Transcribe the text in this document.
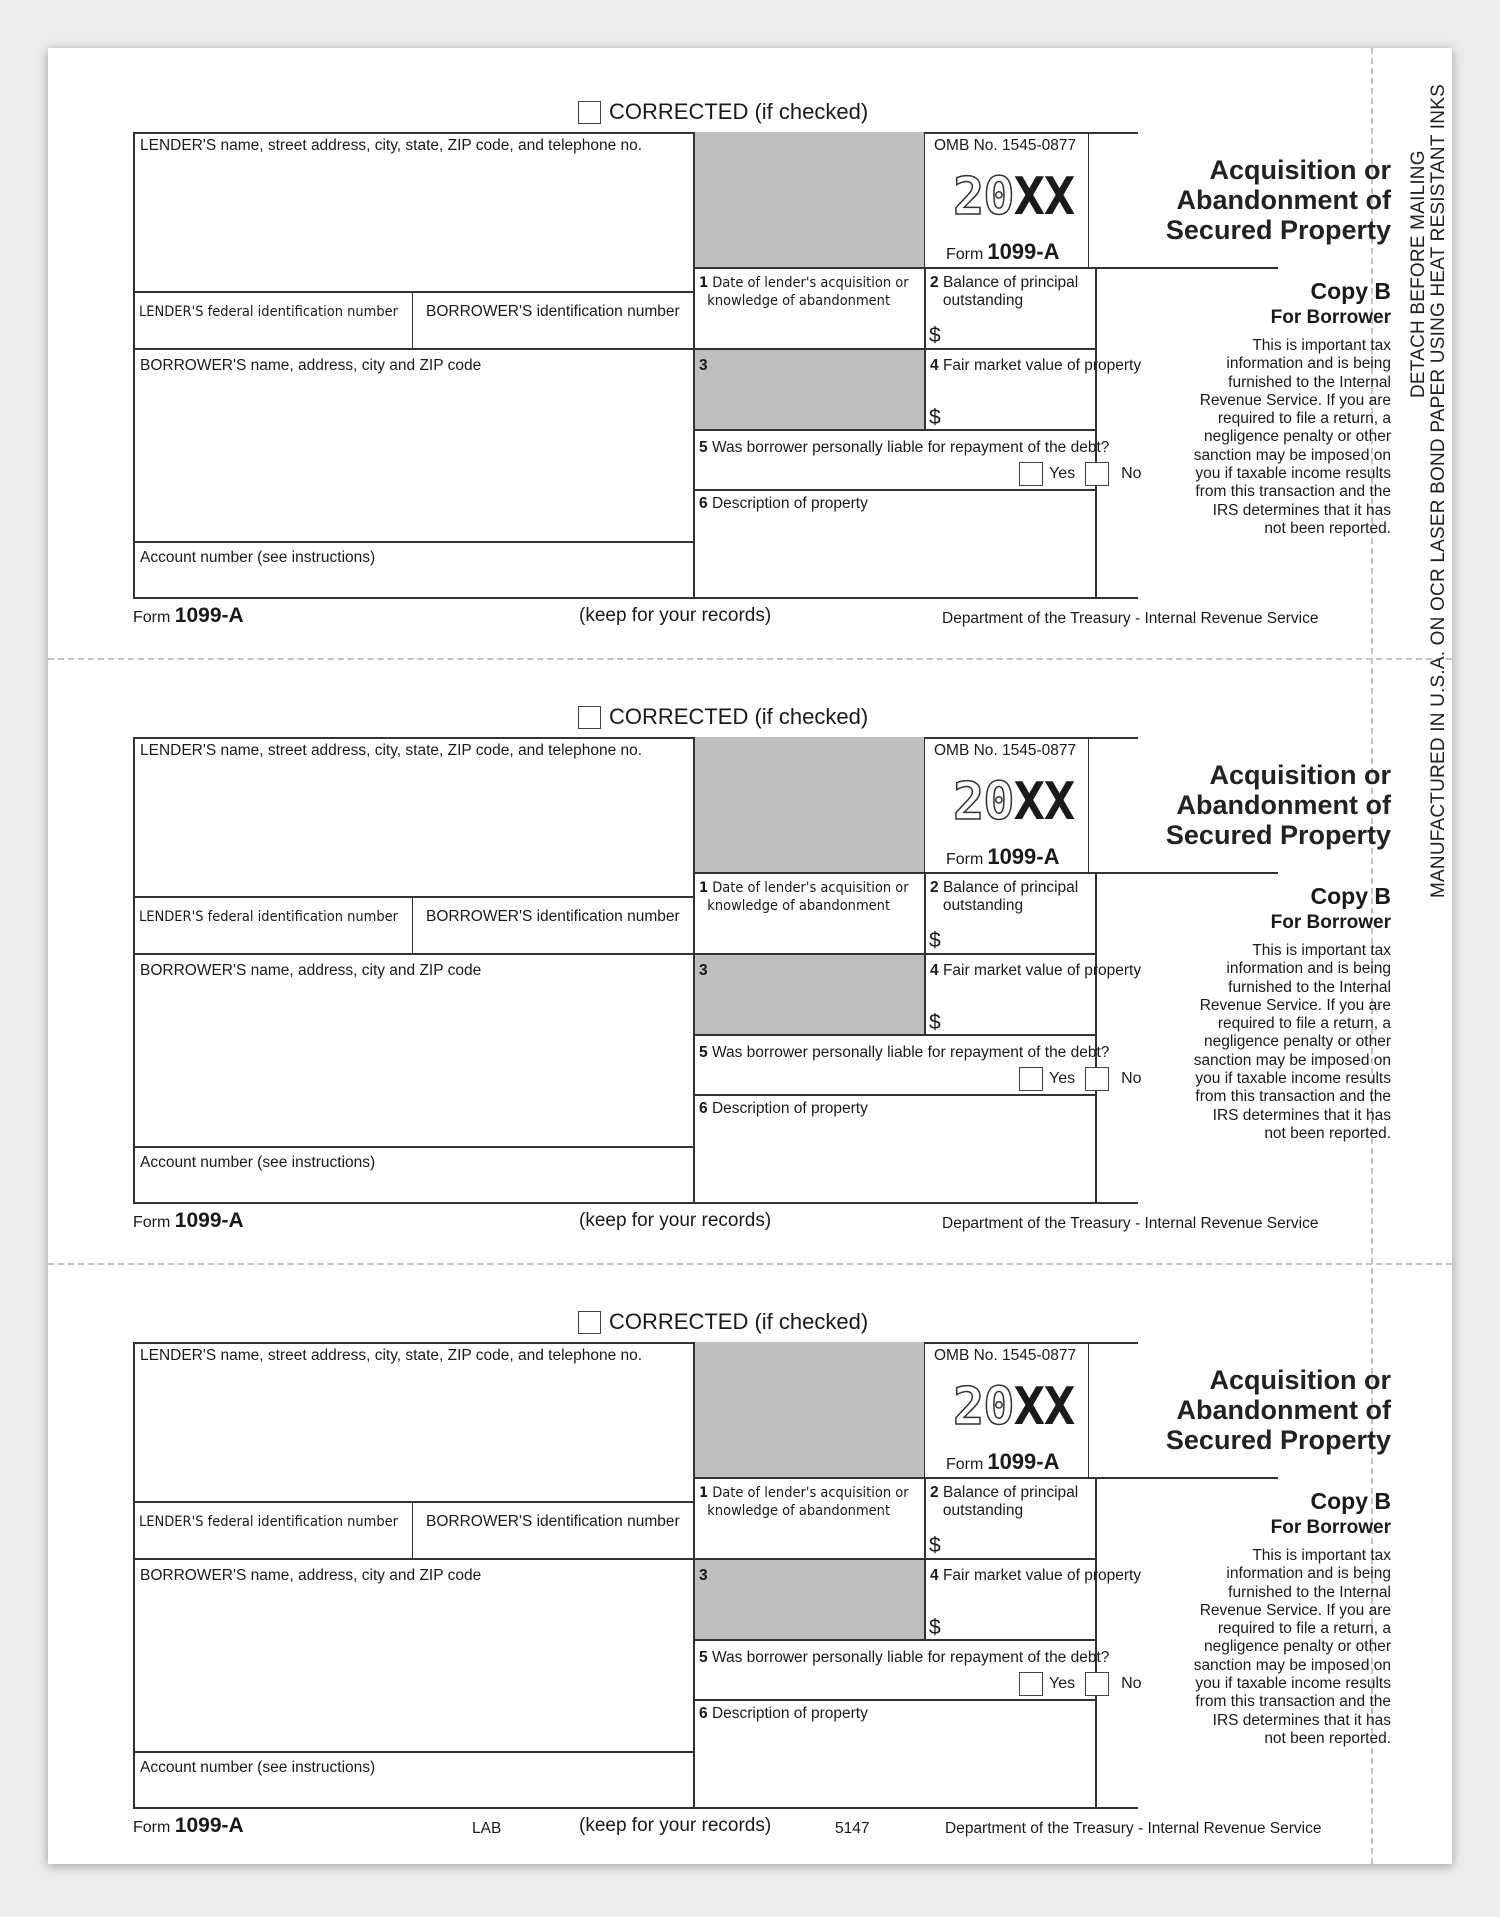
DETACH BEFORE MAILING MANUFACTURED IN U.S.A. ON OCR LASER BOND PAPER USING HEAT RESISTANT INKS
CORRECTED (if checked)
LENDER'S name, street address, city, state, ZIP code, and telephone no.	OMB No. 1545-0877
20XX
Form 1099-A
Acquisition or Abandonment of Secured Property
1 Date of lender's acquisition or
knowledge of abandonment
2 Balance of principal
outstanding
$
LENDER'S federal identification number BORROWER'S identification number
BORROWER'S name, address, city and ZIP code	3	4 Fair market value of property
$
5 Was borrower personally liable for repayment of the debt?
Yes	No
6 Description of property
Account number (see instructions)
Copy B
For Borrower
This is important tax information and is being furnished to the Internal Revenue Service. If you are required to file a return, a negligence penalty or other sanction may be imposed on you if taxable income results from this transaction and the IRS determines that it has not been reported.
Form 1099-A	(keep for your records)	Department of the Treasury - Internal Revenue Service
CORRECTED (if checked)
LENDER'S name, street address, city, state, ZIP code, and telephone no.	OMB No. 1545-0877
20XX
Form 1099-A
Acquisition or Abandonment of Secured Property
1 Date of lender's acquisition or
knowledge of abandonment
2 Balance of principal
outstanding
$
LENDER'S federal identification number BORROWER'S identification number
BORROWER'S name, address, city and ZIP code	3	4 Fair market value of property
$
5 Was borrower personally liable for repayment of the debt?
Yes	No
6 Description of property
Account number (see instructions)
Copy B
For Borrower
This is important tax information and is being furnished to the Internal Revenue Service. If you are required to file a return, a negligence penalty or other sanction may be imposed on you if taxable income results from this transaction and the IRS determines that it has not been reported.
Form 1099-A	(keep for your records)	Department of the Treasury - Internal Revenue Service
CORRECTED (if checked)
LENDER'S name, street address, city, state, ZIP code, and telephone no.	OMB No. 1545-0877
20XX
Form 1099-A
Acquisition or Abandonment of Secured Property
1 Date of lender's acquisition or
knowledge of abandonment
2 Balance of principal
outstanding
$
LENDER'S federal identification number BORROWER'S identification number
BORROWER'S name, address, city and ZIP code	3	4 Fair market value of property
$
5 Was borrower personally liable for repayment of the debt?
Yes	No
6 Description of property
Account number (see instructions)
Copy B
For Borrower
This is important tax information and is being furnished to the Internal Revenue Service. If you are required to file a return, a negligence penalty or other sanction may be imposed on you if taxable income results from this transaction and the IRS determines that it has not been reported.
Form 1099-A	(keep for your records)	Department of the Treasury - Internal Revenue Service
LAB	5147
